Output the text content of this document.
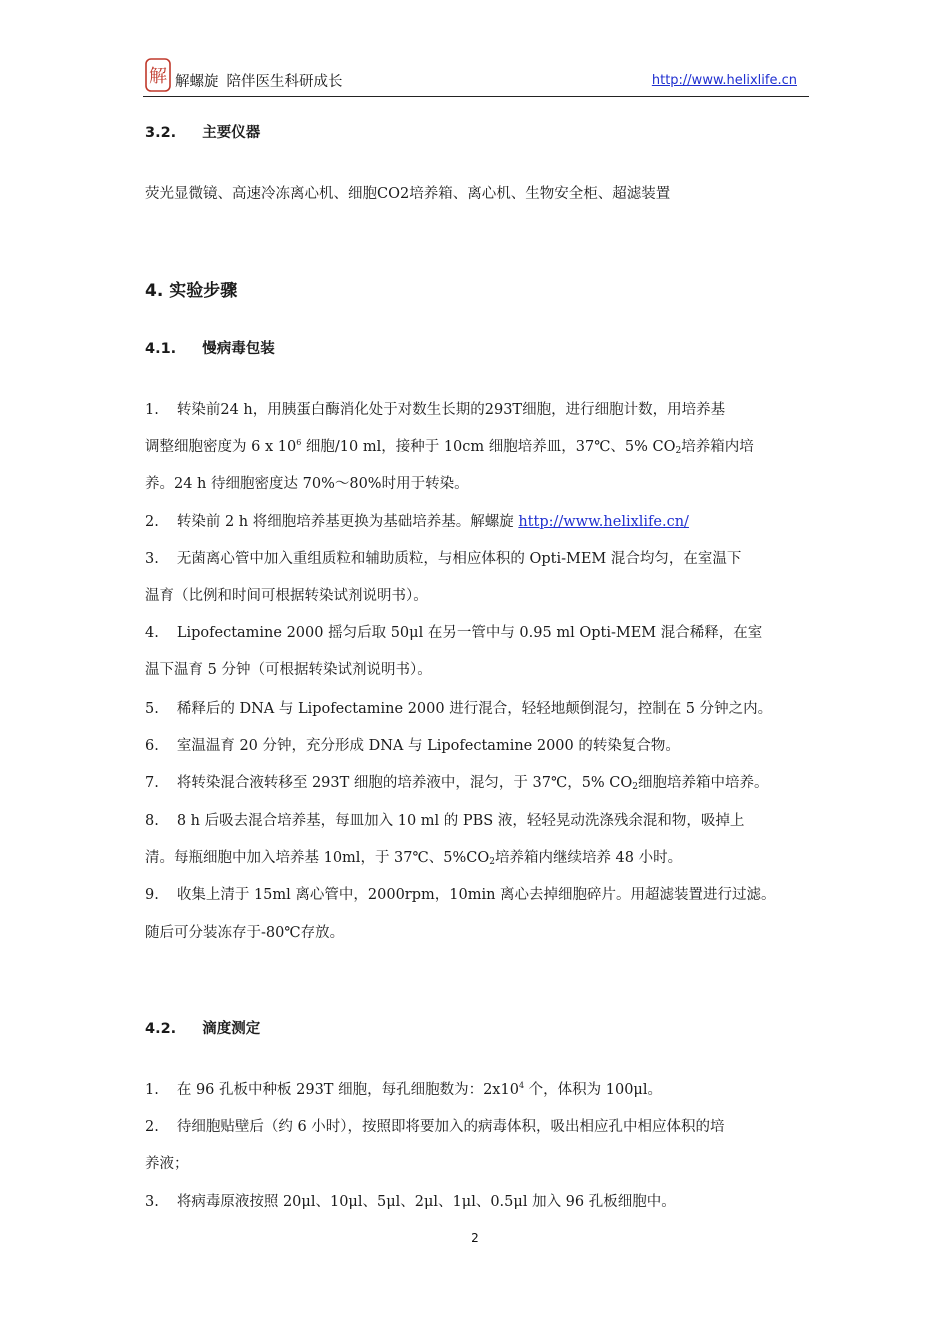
解 解螺旋 陪伴医生科研成长	http://www.helixlife.cn
3.2. 主要仪器
荧光显微镜、高速冷冻离心机、细胞CO2培养箱、离心机、生物安全柜、超滤装置
4. 实验步骤
4.1. 慢病毒包装
1. 转染前24 h，用胰蛋白酶消化处于对数生长期的293T细胞，进行细胞计数，用培养基
调整细胞密度为 6 x $10^6$ 细胞/10 ml，接种于 10cm 细胞培养皿，37℃、5% $CO_2$培养箱内培
养。24 h 待细胞密度达 70%～80%时用于转染。
2. 转染前 2 h 将细胞培养基更换为基础培养基。解螺旋 http://www.helixlife.cn/
3. 无菌离心管中加入重组质粒和辅助质粒，与相应体积的 Opti-MEM 混合均匀，在室温下
温育（比例和时间可根据转染试剂说明书）。
4. Lipofectamine 2000 摇匀后取 50μl 在另一管中与 0.95 ml Opti-MEM 混合稀释，在室
温下温育 5 分钟（可根据转染试剂说明书）。
5. 稀释后的 DNA 与 Lipofectamine 2000 进行混合，轻轻地颠倒混匀，控制在 5 分钟之内。
6. 室温温育 20 分钟，充分形成 DNA 与 Lipofectamine 2000 的转染复合物。
7. 将转染混合液转移至 293T 细胞的培养液中，混匀，于 37℃，5% $CO_2$细胞培养箱中培养。
8. 8 h 后吸去混合培养基，每皿加入 10 ml 的 PBS 液，轻轻晃动洗涤残余混和物，吸掉上
清。每瓶细胞中加入培养基 10ml，于 37℃、$5\%CO_2$培养箱内继续培养 48 小时。
9. 收集上清于 15ml 离心管中，2000rpm，10min 离心去掉细胞碎片。用超滤装置进行过滤。
随后可分装冻存于-80℃存放。
4.2. 滴度测定
1. 在 96 孔板中种板 293T 细胞，每孔细胞数为：$2x10^4$ 个，体积为 100μl。
2. 待细胞贴壁后（约 6 小时），按照即将要加入的病毒体积，吸出相应孔中相应体积的培
养液；
3. 将病毒原液按照 20μl、10μl、5μl、2μl、1μl、0.5μl 加入 96 孔板细胞中。
2
